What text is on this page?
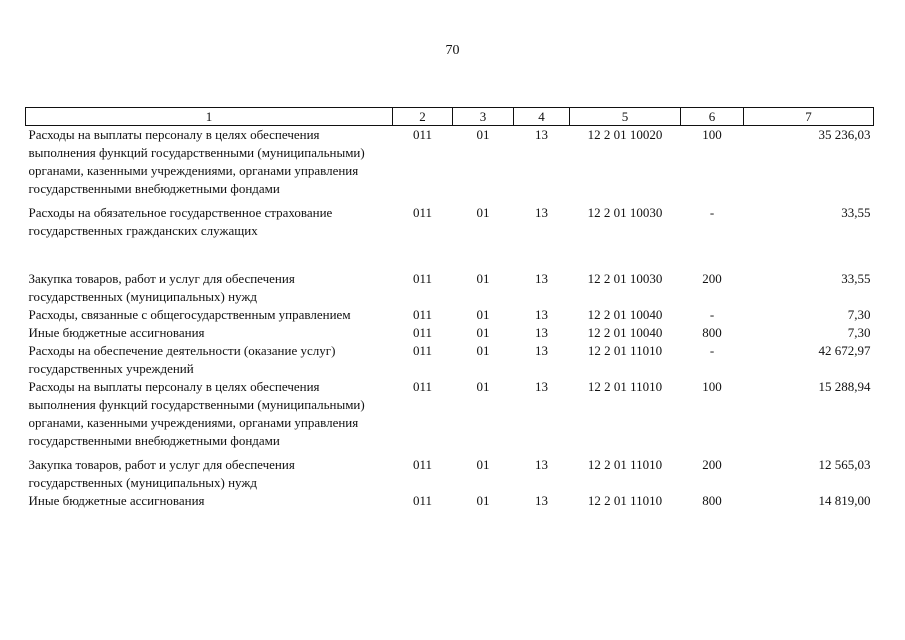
70
1	2	3	4	5	6	7
Расходы на выплаты персоналу в целях обеспечения выполнения функций государственными (муниципальными) органами, казенными учреждениями, органами управления государственными внебюджетными фондами	011	01	13	12 2 01 10020	100	35 236,03
Расходы на обязательное государственное страхование государственных гражданских служащих	011	01	13	12 2 01 10030	-	33,55
Закупка товаров, работ и услуг для обеспечения государственных (муниципальных) нужд	011	01	13	12 2 01 10030	200	33,55
Расходы, связанные с общегосударственным управлением	011	01	13	12 2 01 10040	-	7,30
Иные бюджетные ассигнования	011	01	13	12 2 01 10040	800	7,30
Расходы на обеспечение деятельности (оказание услуг) государственных учреждений	011	01	13	12 2 01 11010	-	42 672,97
Расходы на выплаты персоналу в целях обеспечения выполнения функций государственными (муниципальными) органами, казенными учреждениями, органами управления государственными внебюджетными фондами	011	01	13	12 2 01 11010	100	15 288,94
Закупка товаров, работ и услуг для обеспечения государственных (муниципальных) нужд	011	01	13	12 2 01 11010	200	12 565,03
Иные бюджетные ассигнования	011	01	13	12 2 01 11010	800	14 819,00
